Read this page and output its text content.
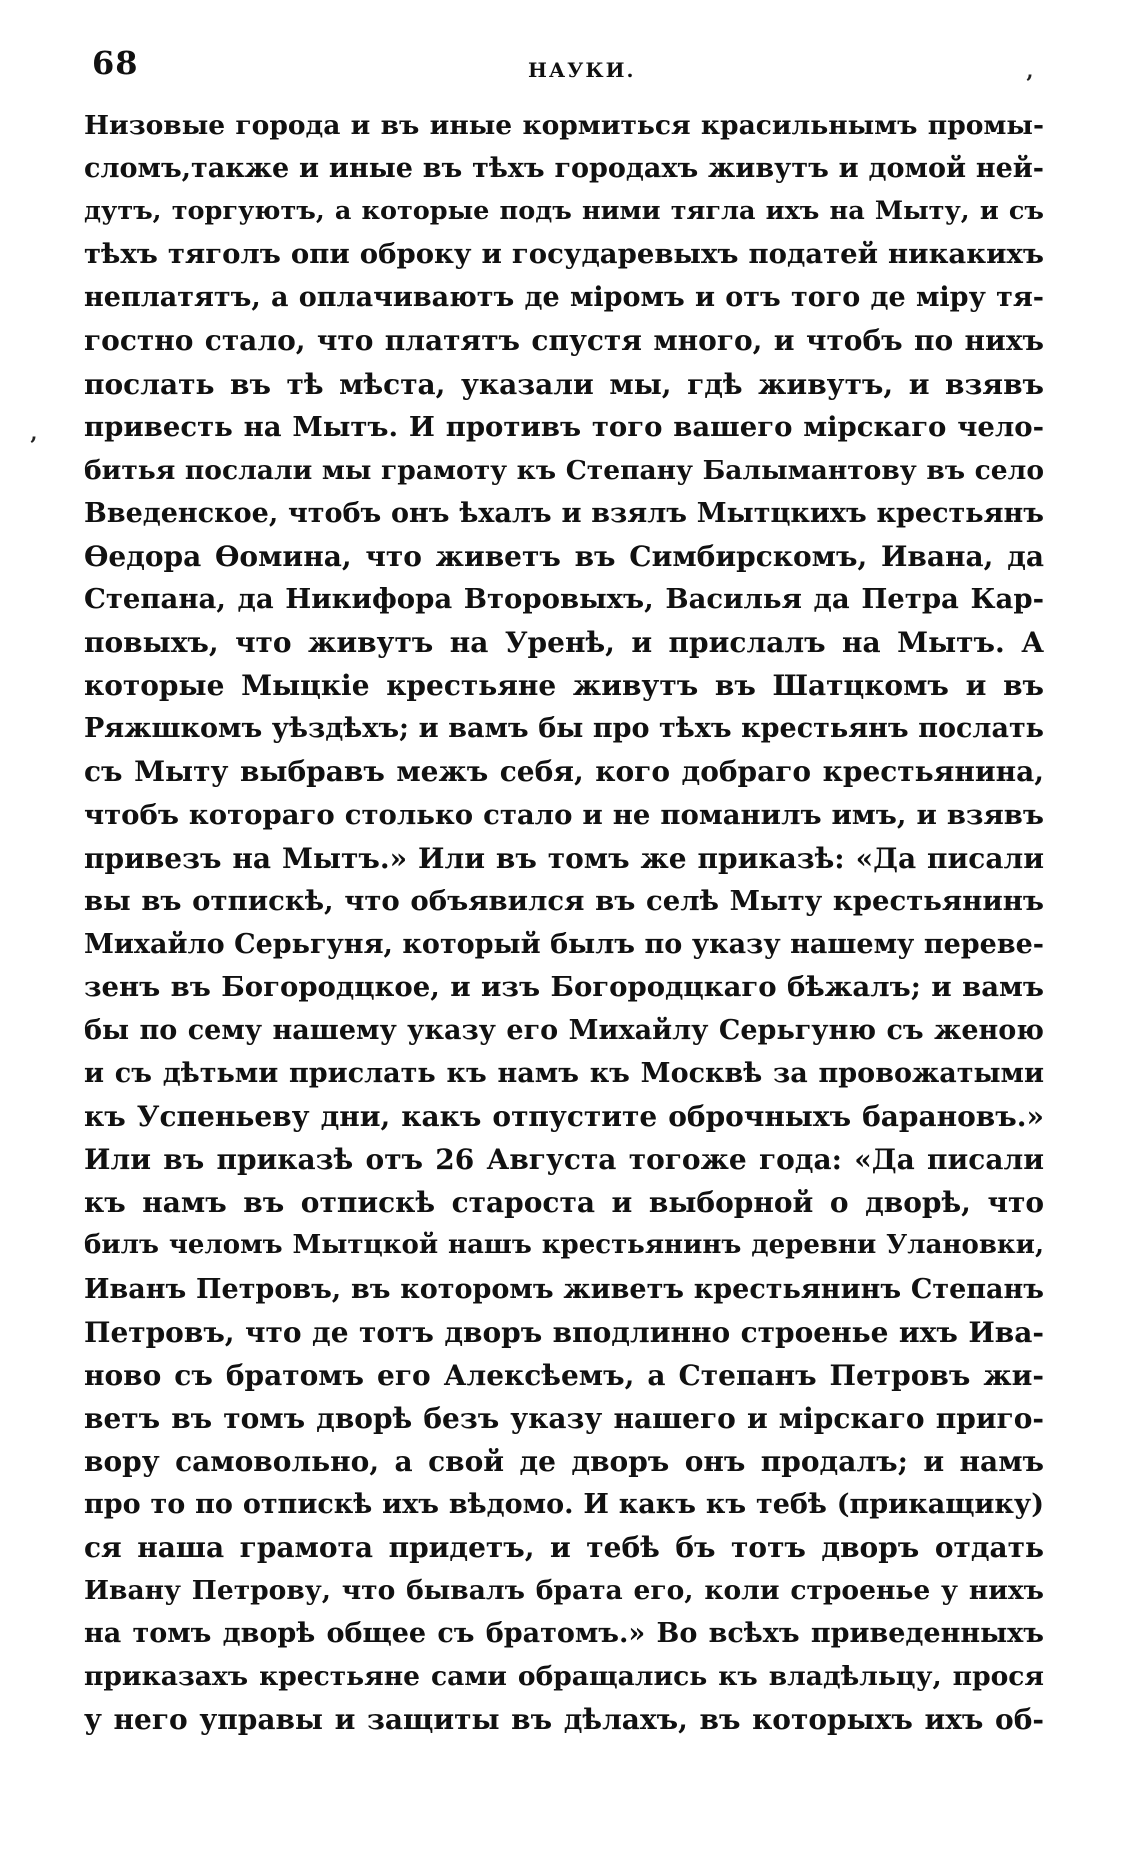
68	НАУКИ.	‚
‚
Низовые города и въ иные кормиться красильнымъ промы-
сломъ,также и иные въ тѣхъ городахъ живутъ и домой ней-
дутъ, торгуютъ, а которые подъ ними тягла ихъ на Мыту, и съ
тѣхъ тяголъ опи оброку и государевыхъ податей никакихъ
неплатятъ, а оплачиваютъ де міромъ и отъ того де міру тя-
гостно стало, что платятъ спустя много, и чтобъ по нихъ
послать въ тѣ мѣста, указали мы, гдѣ живутъ, и взявъ
привесть на Мытъ. И противъ того вашего мірскаго чело-
битья послали мы грамоту къ Степану Балымантову въ село
Введенское, чтобъ онъ ѣхалъ и взялъ Мытцкихъ крестьянъ
Ѳедора Ѳомина, что живетъ въ Симбирскомъ, Ивана, да
Степана, да Никифора Второвыхъ, Василья да Петра Кар-
повыхъ, что живутъ на Уренѣ, и прислалъ на Мытъ. А
которые Мыцкіе крестьяне живутъ въ Шатцкомъ и въ
Ряжшкомъ уѣздѣхъ; и вамъ бы про тѣхъ крестьянъ послать
съ Мыту выбравъ межъ себя, кого добраго крестьянина,
чтобъ котораго столько стало и не поманилъ имъ, и взявъ
привезъ на Мытъ.» Или въ томъ же приказѣ: «Да писали
вы въ отпискѣ, что объявился въ селѣ Мыту крестьянинъ
Михайло Серьгуня, который былъ по указу нашему переве-
зенъ въ Богородцкое, и изъ Богородцкаго бѣжалъ; и вамъ
бы по сему нашему указу его Михайлу Серьгуню съ женою
и съ дѣтьми прислать къ намъ къ Москвѣ за провожатыми
къ Успеньеву дни, какъ отпустите оброчныхъ барановъ.»
Или въ приказѣ отъ 26 Августа тогоже года: «Да писали
къ намъ въ отпискѣ староста и выборной о дворѣ, что
билъ челомъ Мытцкой нашъ крестьянинъ деревни Улановки,
Иванъ Петровъ, въ которомъ живетъ крестьянинъ Степанъ
Петровъ, что де тотъ дворъ вподлинно строенье ихъ Ива-
ново съ братомъ его Алексѣемъ, а Степанъ Петровъ жи-
ветъ въ томъ дворѣ безъ указу нашего и мірскаго приго-
вору самовольно, а свой де дворъ онъ продалъ; и намъ
про то по отпискѣ ихъ вѣдомо. И какъ къ тебѣ (прикащику)
ся наша грамота придетъ, и тебѣ бъ тотъ дворъ отдать
Ивану Петрову, что бывалъ брата его, коли строенье у нихъ
на томъ дворѣ общее съ братомъ.» Во всѣхъ приведенныхъ
приказахъ крестьяне сами обращались къ владѣльцу, прося
у него управы и защиты въ дѣлахъ, въ которыхъ ихъ об-
